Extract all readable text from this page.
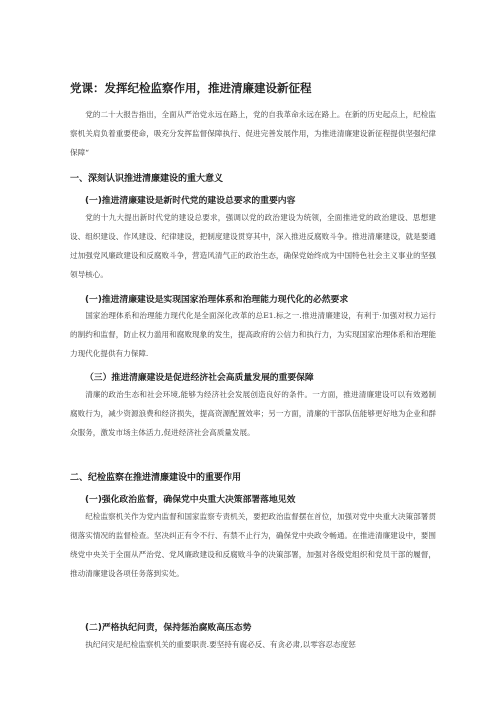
党课：发挥纪检监察作用，推进清廉建设新征程

党的二十大报告指出，全面从严治党永远在路上，党的自我革命永远在路上。在新的历史起点上，纪检监察机关肩负着重要使命，吸充分发挥监督保障执行、促进完善发展作用，为推进清廉建设新征程提供坚强纪律保障“

一、深刻认识推进清廉建设的重大意义
(一)推进清廉建设是新时代党的建设总要求的重要内容

党的十九大提出新时代党的建设总要求，强调以党的政治建设为统领，全面推进党的政治建设、思想建设、组织建设、作风建设、纪律建设，把制度建设贯穿其中，深入推进反腐败斗争。推进清廉建设，就是要通过加强党风廉政建设和反腐败斗争，营造风清气正的政治生态，确保党始终成为中国特色社会主义事业的坚强领导核心。

(一)推进清廉建设是实现国家治理体系和治理能力现代化的必然要求

国家治理体系和治理能力现代化是全面深化改革的总E1.标之一.推进清廉建设，有利于·加强对权力运行的制约和监督，防止权力滥用和腐败现象的发生，提高政府的公信力和执行力，为实现国家治理体系和治理能力现代化提供有力保障.

（三）推进清廉建设是促进经济社会高质量发展的重要保障

清廉的政治生态和社会环境,能够为经济社会发展创造良好的条件。一方面，推进清廉建设可以有效遏制腐败行为，减少资源浪费和经济损失，提高资源配置效率；另一方面，清廉的干部队伍能够更好地为企业和群众服务，激发市场主体活力,促进经济社会高质量发展。

二、纪检监察在推进清廉建设中的重要作用
(一)强化政治监督，确保党中央重大决策部署落地见效

纪检监察机关作为党内监督和国家监察专责机关，要把政治监督摆在首位，加强对党中央重大决策部署贯彻落实情况的监督检查。坚决纠正有令不行、有禁不止行为，确保党中央政令畅通。在推进清廉建设中，要围绕党中央关于全面从严治党、党风廉政建设和反腐败斗争的决策部署，加强对各级党组织和党员干部的履督，推动清廉建设各项任务落到实处。

(二)严格执纪问责，保持惩治腐败高压态势

执纪问灾是纪检监察机关的重要职责.要坚持有腐必反、有贪必肃,以零容忍态度惩
